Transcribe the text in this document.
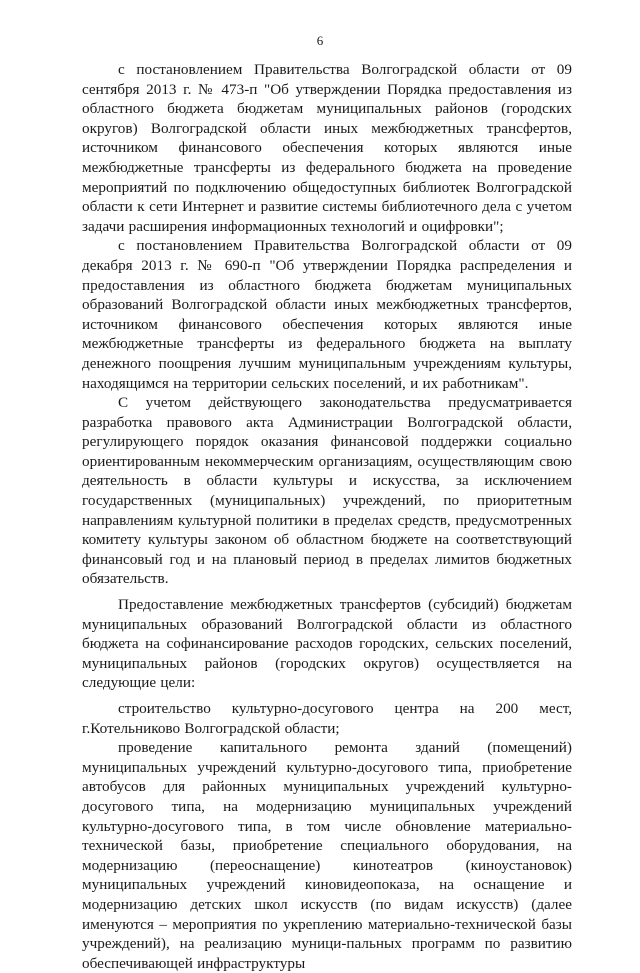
6

с постановлением Правительства Волгоградской области от 09 сентября 2013 г. № 473-п "Об утверждении Порядка предоставления из областного бюджета бюджетам муниципальных районов (городских округов) Волгоградской области иных межбюджетных трансфертов, источником финансового обеспечения которых являются иные межбюджетные трансферты из федерального бюджета на проведение мероприятий по подключению общедоступных библиотек Волгоградской области к сети Интернет и развитие системы библиотечного дела с учетом задачи расширения информационных технологий и оцифровки";

с постановлением Правительства Волгоградской области от 09 декабря 2013 г. № 690-п "Об утверждении Порядка распределения и предоставления из областного бюджета бюджетам муниципальных образований Волгоградской области иных межбюджетных трансфертов, источником финансового обеспечения которых являются иные межбюджетные трансферты из федерального бюджета на выплату денежного поощрения лучшим муниципальным учреждениям культуры, находящимся на территории сельских поселений, и их работникам".

С учетом действующего законодательства предусматривается разработка правового акта Администрации Волгоградской области, регулирующего порядок оказания финансовой поддержки социально ориентированным некоммерческим организациям, осуществляющим свою деятельность в области культуры и искусства, за исключением государственных (муниципальных) учреждений, по приоритетным направлениям культурной политики в пределах средств, предусмотренных комитету культуры законом об областном бюджете на соответствующий финансовый год и на плановый период в пределах лимитов бюджетных обязательств.

Предоставление межбюджетных трансфертов (субсидий) бюджетам муниципальных образований Волгоградской области из областного бюджета на софинансирование расходов городских, сельских поселений, муниципальных районов (городских округов) осуществляется на следующие цели:

строительство культурно-досугового центра на 200 мест, г.Котельниково Волгоградской области;

проведение капитального ремонта зданий (помещений) муниципальных учреждений культурно-досугового типа, приобретение автобусов для районных муниципальных учреждений культурно-досугового типа, на модернизацию муниципальных учреждений культурно-досугового типа, в том числе обновление материально-технической базы, приобретение специального оборудования, на модернизацию (переоснащение) кинотеатров (киноустановок) муниципальных учреждений киновидеопоказа, на оснащение и модернизацию детских школ искусств (по видам искусств) (далее именуются – мероприятия по укреплению материально-технической базы учреждений), на реализацию муници-пальных программ по развитию обеспечивающей инфраструктуры
